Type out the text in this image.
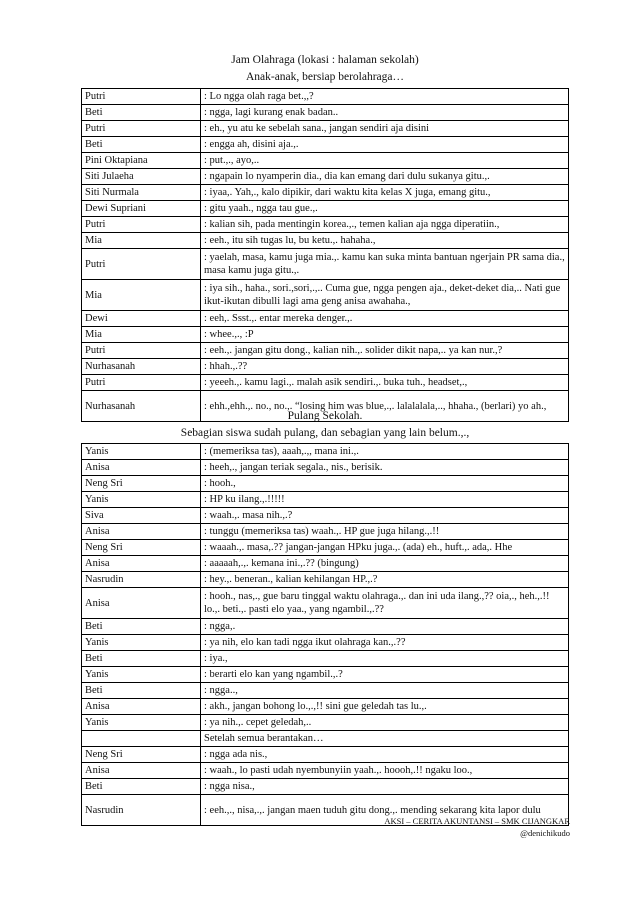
Jam Olahraga (lokasi : halaman sekolah)
Anak-anak, bersiap berolahraga…
Putri	: Lo ngga olah raga bet.,,?
Beti	: ngga, lagi kurang enak badan..
Putri	: eh., yu atu ke sebelah sana., jangan sendiri aja disini
Beti	: engga ah, disini aja.,.
Pini Oktapiana	: put.,., ayo,..
Siti Julaeha	: ngapain lo nyamperin dia., dia kan emang dari dulu sukanya gitu.,.
Siti Nurmala	: iyaa,. Yah,., kalo dipikir, dari waktu kita kelas X juga, emang gitu.,
Dewi Supriani	: gitu yaah., ngga tau gue.,.
Putri	: kalian sih, pada mentingin korea.,., temen kalian aja ngga diperatiin.,
Mia	: eeh., itu sih tugas lu, bu ketu.,. hahaha.,
Putri	: yaelah, masa, kamu juga mia.,. kamu kan suka minta bantuan ngerjain PR sama dia., masa kamu juga gitu.,.
Mia	: iya sih., haha., sori.,sori,.,.. Cuma gue, ngga pengen aja., deket-deket dia,.. Nati gue ikut-ikutan dibulli lagi ama geng anisa awahaha.,
Dewi	: eeh,. Ssst.,. entar mereka denger.,.
Mia	: whee.,., :P
Putri	: eeh.,. jangan gitu dong., kalian nih.,. solider dikit napa,.. ya kan nur.,?
Nurhasanah	: hhah.,.??
Putri	: yeeeh.,. kamu lagi.,. malah asik sendiri.,. buka tuh., headset,.,
Nurhasanah	: ehh.,ehh.,. no., no.,. “losing him was blue,.,. lalalalala,.., hhaha., (berlari) yo ah.,
Pulang Sekolah.
Sebagian siswa sudah pulang, dan sebagian yang lain belum.,.,
Yanis	: (memeriksa tas), aaah,.,, mana ini.,.
Anisa	: heeh,., jangan teriak segala., nis., berisik.
Neng Sri	: hooh.,
Yanis	: HP ku ilang.,.!!!!!
Siva	: waah.,. masa nih.,.?
Anisa	: tunggu (memeriksa tas) waah.,. HP gue juga hilang.,.!!
Neng Sri	: waaah.,. masa,.?? jangan-jangan HPku juga.,. (ada) eh., huft.,. ada,. Hhe
Anisa	: aaaaah,.,. kemana ini.,.?? (bingung)
Nasrudin	: hey.,. beneran., kalian kehilangan HP.,.?
Anisa	: hooh., nas,., gue baru tinggal waktu olahraga.,. dan ini uda ilang.,?? oia,., heh.,.!! lo.,. beti.,. pasti elo yaa., yang ngambil.,.??
Beti	: ngga,.
Yanis	: ya nih, elo kan tadi ngga ikut olahraga kan.,.??
Beti	: iya.,
Yanis	: berarti elo kan yang ngambil.,.?
Beti	: ngga..,
Anisa	: akh., jangan bohong lo.,.,!! sini gue geledah tas lu.,.
Yanis	: ya nih.,. cepet geledah,..
	Setelah semua berantakan…
Neng Sri	: ngga ada nis.,
Anisa	: waah., lo pasti udah nyembunyiin yaah.,. hoooh,.!! ngaku loo.,
Beti	: ngga nisa.,
Nasrudin	: eeh.,., nisa,.,. jangan maen tuduh gitu dong.,. mending sekarang kita lapor dulu
AKSI – CERITA AKUNTANSI – SMK CIJANGKAR
@denichikudo
